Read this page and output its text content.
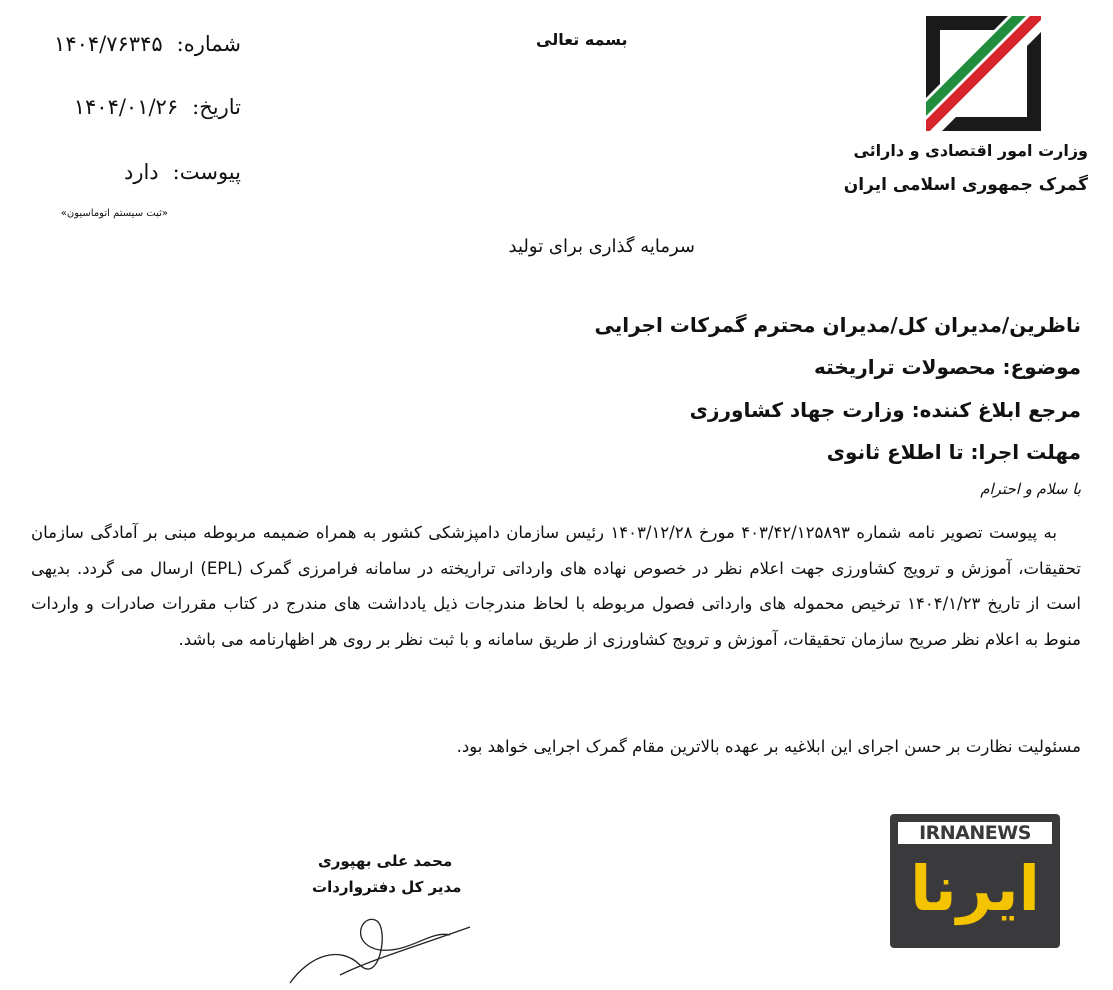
شماره:۱۴۰۴/۷۶۳۴۵
تاریخ:۱۴۰۴/۰۱/۲۶
پیوست:دارد
«ثبت سیستم اتوماسیون»
بسمه تعالی
سرمایه گذاری برای تولید
وزارت امور اقتصادی و دارائی
گمرک جمهوری اسلامی ایران
ناظرین/مدیران کل/مدیران محترم گمرکات اجرایی
موضوع: محصولات تراریخته
مرجع ابلاغ کننده: وزارت جهاد کشاورزی
مهلت اجرا: تا اطلاع ثانوی
با سلام و احترام
به پیوست تصویر نامه شماره ۴۰۳/۴۲/۱۲۵۸۹۳ مورخ ۱۴۰۳/۱۲/۲۸ رئیس سازمان دامپزشکی کشور به همراه ضمیمه مربوطه مبنی بر آمادگی سازمان تحقیقات، آموزش و ترویج کشاورزی جهت اعلام نظر در خصوص نهاده های وارداتی تراریخته در سامانه فرامرزی گمرک (EPL) ارسال می گردد. بدیهی است از تاریخ ۱۴۰۴/۱/۲۳ ترخیص محموله های وارداتی فصول مربوطه با لحاظ مندرجات ذیل یادداشت های مندرج در کتاب مقررات صادرات و واردات منوط به اعلام نظر صریح سازمان تحقیقات، آموزش و ترویج کشاورزی از طریق سامانه و با ثبت نظر بر روی هر اظهارنامه می باشد.
مسئولیت نظارت بر حسن اجرای این ابلاغیه بر عهده بالاترین مقام گمرک اجرایی خواهد بود.
محمد علی بهپوری
مدیر کل دفترواردات
IRNANEWS
ایرنا
